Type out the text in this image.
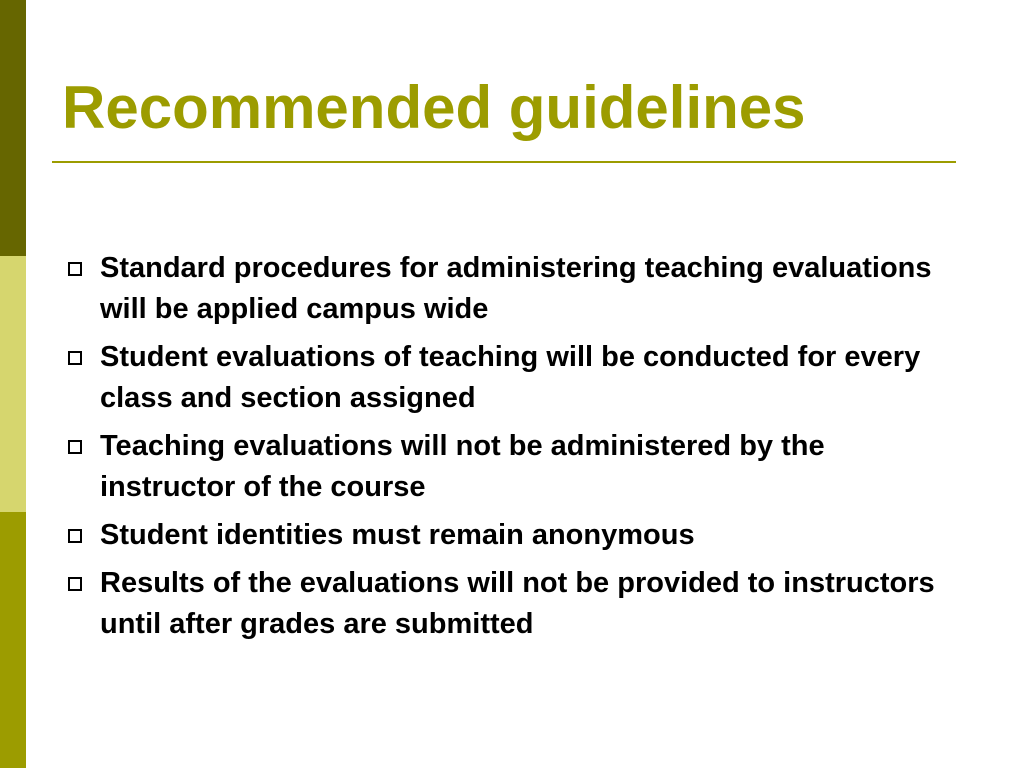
Recommended guidelines
Standard procedures for administering teaching evaluations will be applied campus wide
Student evaluations of teaching will be conducted for every class and section assigned
Teaching evaluations will not be administered by the instructor of the course
Student identities must remain anonymous
Results of the evaluations will not be provided to instructors until after grades are submitted
